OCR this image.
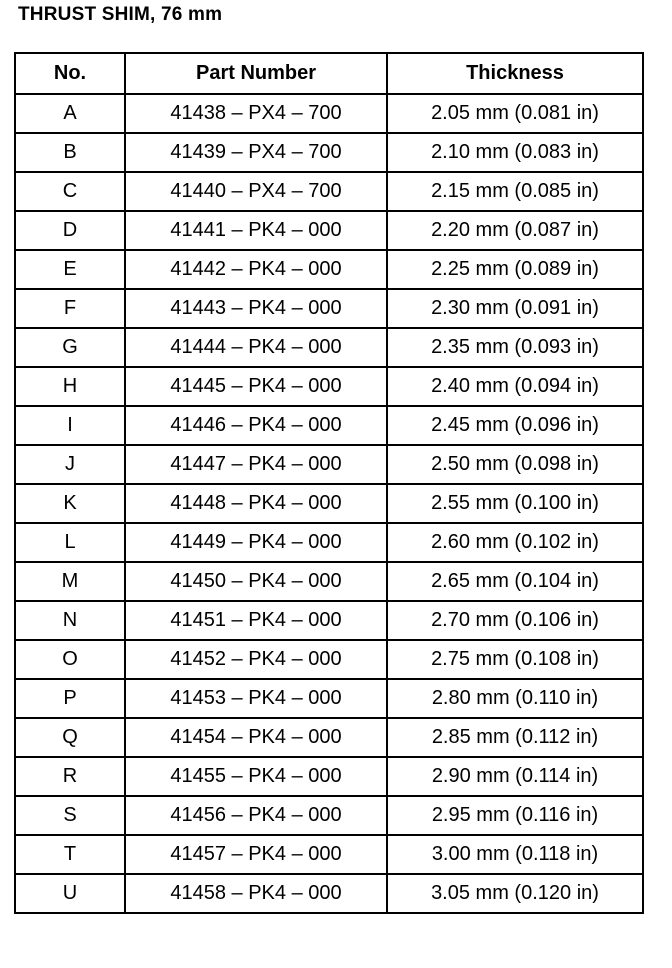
THRUST SHIM, 76 mm
No.	Part Number	Thickness
A	41438 – PX4 – 700	2.05 mm (0.081 in)
B	41439 – PX4 – 700	2.10 mm (0.083 in)
C	41440 – PX4 – 700	2.15 mm (0.085 in)
D	41441 – PK4 – 000	2.20 mm (0.087 in)
E	41442 – PK4 – 000	2.25 mm (0.089 in)
F	41443 – PK4 – 000	2.30 mm (0.091 in)
G	41444 – PK4 – 000	2.35 mm (0.093 in)
H	41445 – PK4 – 000	2.40 mm (0.094 in)
I	41446 – PK4 – 000	2.45 mm (0.096 in)
J	41447 – PK4 – 000	2.50 mm (0.098 in)
K	41448 – PK4 – 000	2.55 mm (0.100 in)
L	41449 – PK4 – 000	2.60 mm (0.102 in)
M	41450 – PK4 – 000	2.65 mm (0.104 in)
N	41451 – PK4 – 000	2.70 mm (0.106 in)
O	41452 – PK4 – 000	2.75 mm (0.108 in)
P	41453 – PK4 – 000	2.80 mm (0.110 in)
Q	41454 – PK4 – 000	2.85 mm (0.112 in)
R	41455 – PK4 – 000	2.90 mm (0.114 in)
S	41456 – PK4 – 000	2.95 mm (0.116 in)
T	41457 – PK4 – 000	3.00 mm (0.118 in)
U	41458 – PK4 – 000	3.05 mm (0.120 in)
